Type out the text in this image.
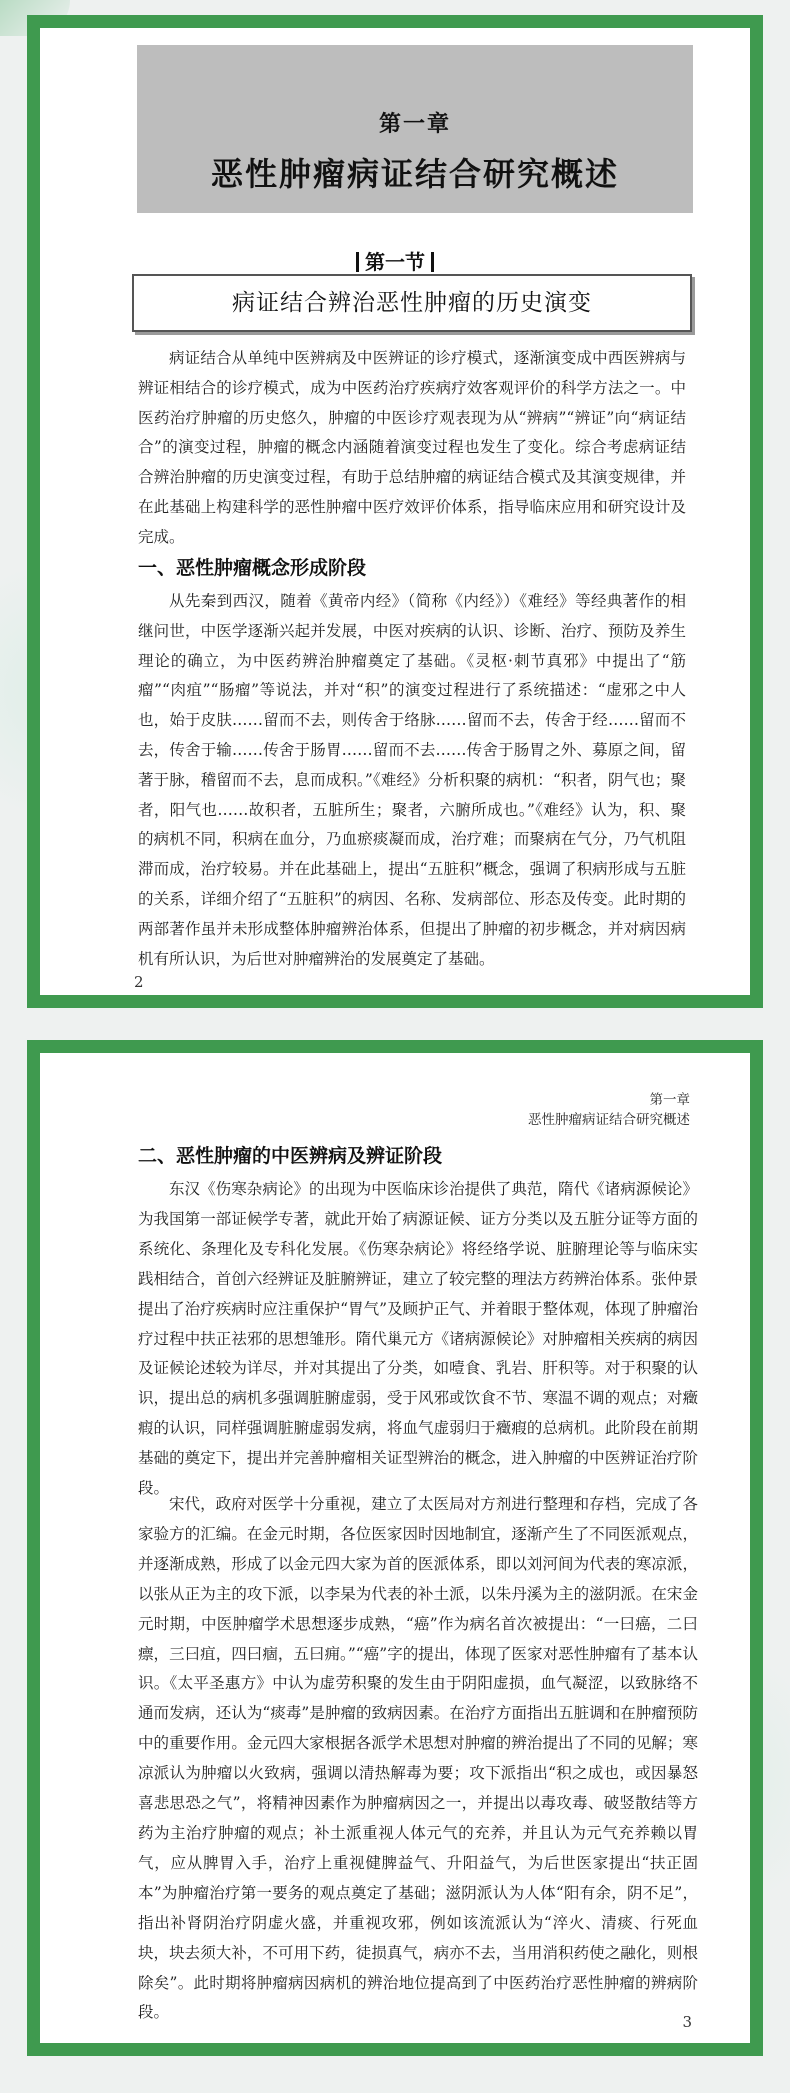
第一章
恶性肿瘤病证结合研究概述
第一节
病证结合辨治恶性肿瘤的历史演变

病证结合从单纯中医辨病及中医辨证的诊疗模式，逐渐演变成中西医辨病与辨证相结合的诊疗模式，成为中医药治疗疾病疗效客观评价的科学方法之一。中医药治疗肿瘤的历史悠久，肿瘤的中医诊疗观表现为从“辨病”“辨证”向“病证结合”的演变过程，肿瘤的概念内涵随着演变过程也发生了变化。综合考虑病证结合辨治肿瘤的历史演变过程，有助于总结肿瘤的病证结合模式及其演变规律，并在此基础上构建科学的恶性肿瘤中医疗效评价体系，指导临床应用和研究设计及完成。

一、恶性肿瘤概念形成阶段

从先秦到西汉，随着《黄帝内经》（简称《内经》）《难经》等经典著作的相继问世，中医学逐渐兴起并发展，中医对疾病的认识、诊断、治疗、预防及养生理论的确立，为中医药辨治肿瘤奠定了基础。《灵枢·刺节真邪》中提出了“筋瘤”“肉疽”“肠瘤”等说法，并对“积”的演变过程进行了系统描述：“虚邪之中人也，始于皮肤……留而不去，则传舍于络脉……留而不去，传舍于经……留而不去，传舍于输……传舍于肠胃……留而不去……传舍于肠胃之外、募原之间，留著于脉，稽留而不去，息而成积。”《难经》分析积聚的病机：“积者，阴气也；聚者，阳气也……故积者，五脏所生；聚者，六腑所成也。”《难经》认为，积、聚的病机不同，积病在血分，乃血瘀痰凝而成，治疗难；而聚病在气分，乃气机阻滞而成，治疗较易。并在此基础上，提出“五脏积”概念，强调了积病形成与五脏的关系，详细介绍了“五脏积”的病因、名称、发病部位、形态及传变。此时期的两部著作虽并未形成整体肿瘤辨治体系，但提出了肿瘤的初步概念，并对病因病机有所认识，为后世对肿瘤辨治的发展奠定了基础。

2
第一章
恶性肿瘤病证结合研究概述
二、恶性肿瘤的中医辨病及辨证阶段

东汉《伤寒杂病论》的出现为中医临床诊治提供了典范，隋代《诸病源候论》为我国第一部证候学专著，就此开始了病源证候、证方分类以及五脏分证等方面的系统化、条理化及专科化发展。《伤寒杂病论》将经络学说、脏腑理论等与临床实践相结合，首创六经辨证及脏腑辨证，建立了较完整的理法方药辨治体系。张仲景提出了治疗疾病时应注重保护“胃气”及顾护正气、并着眼于整体观，体现了肿瘤治疗过程中扶正祛邪的思想雏形。隋代巢元方《诸病源候论》对肿瘤相关疾病的病因及证候论述较为详尽，并对其提出了分类，如噎食、乳岩、肝积等。对于积聚的认识，提出总的病机多强调脏腑虚弱，受于风邪或饮食不节、寒温不调的观点；对癥瘕的认识，同样强调脏腑虚弱发病，将血气虚弱归于癥瘕的总病机。此阶段在前期基础的奠定下，提出并完善肿瘤相关证型辨治的概念，进入肿瘤的中医辨证治疗阶段。

宋代，政府对医学十分重视，建立了太医局对方剂进行整理和存档，完成了各家验方的汇编。在金元时期，各位医家因时因地制宜，逐渐产生了不同医派观点，并逐渐成熟，形成了以金元四大家为首的医派体系，即以刘河间为代表的寒凉派，以张从正为主的攻下派，以李杲为代表的补土派，以朱丹溪为主的滋阴派。在宋金元时期，中医肿瘤学术思想逐步成熟，“癌”作为病名首次被提出：“一曰癌，二曰瘭，三曰疽，四曰痼，五曰痈。”“癌”字的提出，体现了医家对恶性肿瘤有了基本认识。《太平圣惠方》中认为虚劳积聚的发生由于阴阳虚损，血气凝涩，以致脉络不通而发病，还认为“痰毒”是肿瘤的致病因素。在治疗方面指出五脏调和在肿瘤预防中的重要作用。金元四大家根据各派学术思想对肿瘤的辨治提出了不同的见解；寒凉派认为肿瘤以火致病，强调以清热解毒为要；攻下派指出“积之成也，或因暴怒喜悲思恐之气”，将精神因素作为肿瘤病因之一，并提出以毒攻毒、破竖散结等方药为主治疗肿瘤的观点；补土派重视人体元气的充养，并且认为元气充养赖以胃气，应从脾胃入手，治疗上重视健脾益气、升阳益气，为后世医家提出“扶正固本”为肿瘤治疗第一要务的观点奠定了基础；滋阴派认为人体“阳有余，阴不足”，指出补肾阴治疗阴虚火盛，并重视攻邪，例如该流派认为“淬火、清痰、行死血块，块去须大补，不可用下药，徒损真气，病亦不去，当用消积药使之融化，则根除矣”。此时期将肿瘤病因病机的辨治地位提高到了中医药治疗恶性肿瘤的辨病阶段。

3
